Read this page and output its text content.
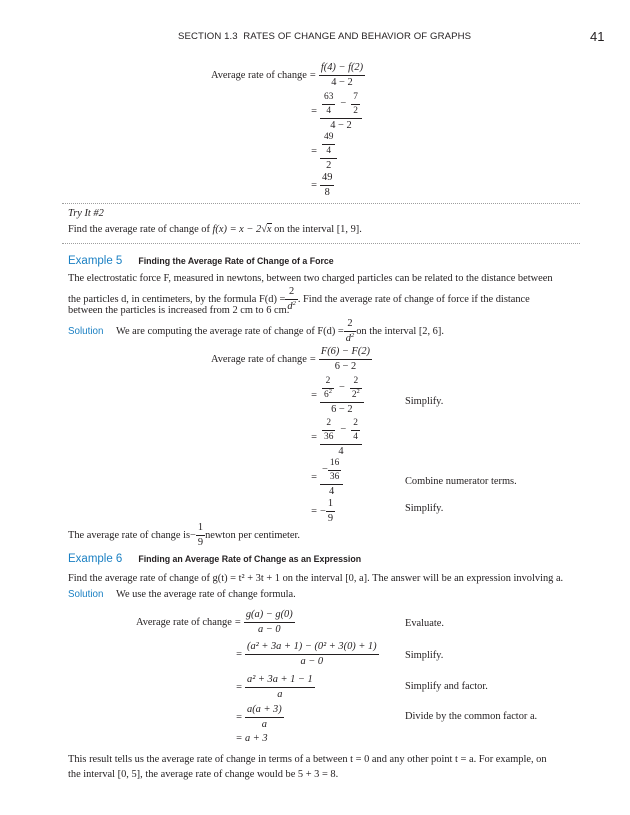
SECTION 1.3 RATES OF CHANGE AND BEHAVIOR OF GRAPHS	41
Average rate of change = $\frac{f(4) - f(2)}{4 - 2}$
= $\frac{\frac{63}{4} - \frac{7}{2}}{4 - 2}$
= $\frac{\frac{49}{4}}{2}$
= $\frac{49}{8}$
Try It #2
Find the average rate of change of f(x) = x − 2√x on the interval [1, 9].
Example 5 Finding the Average Rate of Change of a Force
The electrostatic force F, measured in newtons, between two charged particles can be related to the distance between
the particles d, in centimeters, by the formula $F(d) = \frac{2}{d^2}$ . Find the average rate of change of force if the distance
between the particles is increased from 2 cm to 6 cm.
Solution	We are computing the average rate of change of $F(d) = \frac{2}{d^2}$ on the interval [2, 6].
Average rate of change = $\frac{F(6) - F(2)}{6 - 2}$
= $\frac{\frac{2}{6^2} - \frac{2}{2^2}}{6 - 2}$	Simplify.
= $\frac{\frac{2}{36} - \frac{2}{4}}{4}$
= $\frac{- \frac{16}{36}}{4}$	Combine numerator terms.
= − $\frac{1}{9}$	Simplify.
The average rate of change is − $\frac{1}{9}$ newton per centimeter.
Example 6 Finding an Average Rate of Change as an Expression
Find the average rate of change of g(t) = t² + 3t + 1 on the interval [0, a]. The answer will be an expression involving a.
Solution	We use the average rate of change formula.
Average rate of change = $\frac{g(a) - g(0)}{a - 0}$	Evaluate.
= $\frac{\text{(a² + 3a + 1) − (0² + 3(0) + 1)}}{a - 0}$	Simplify.
= $\frac{\text{a² + 3a + 1 − 1}}{a}$	Simplify and factor.
= $\frac{a(a + 3)}{a}$	Divide by the common factor a.
= a + 3
This result tells us the average rate of change in terms of a between t = 0 and any other point t = a. For example, on
the interval [0, 5], the average rate of change would be 5 + 3 = 8.
